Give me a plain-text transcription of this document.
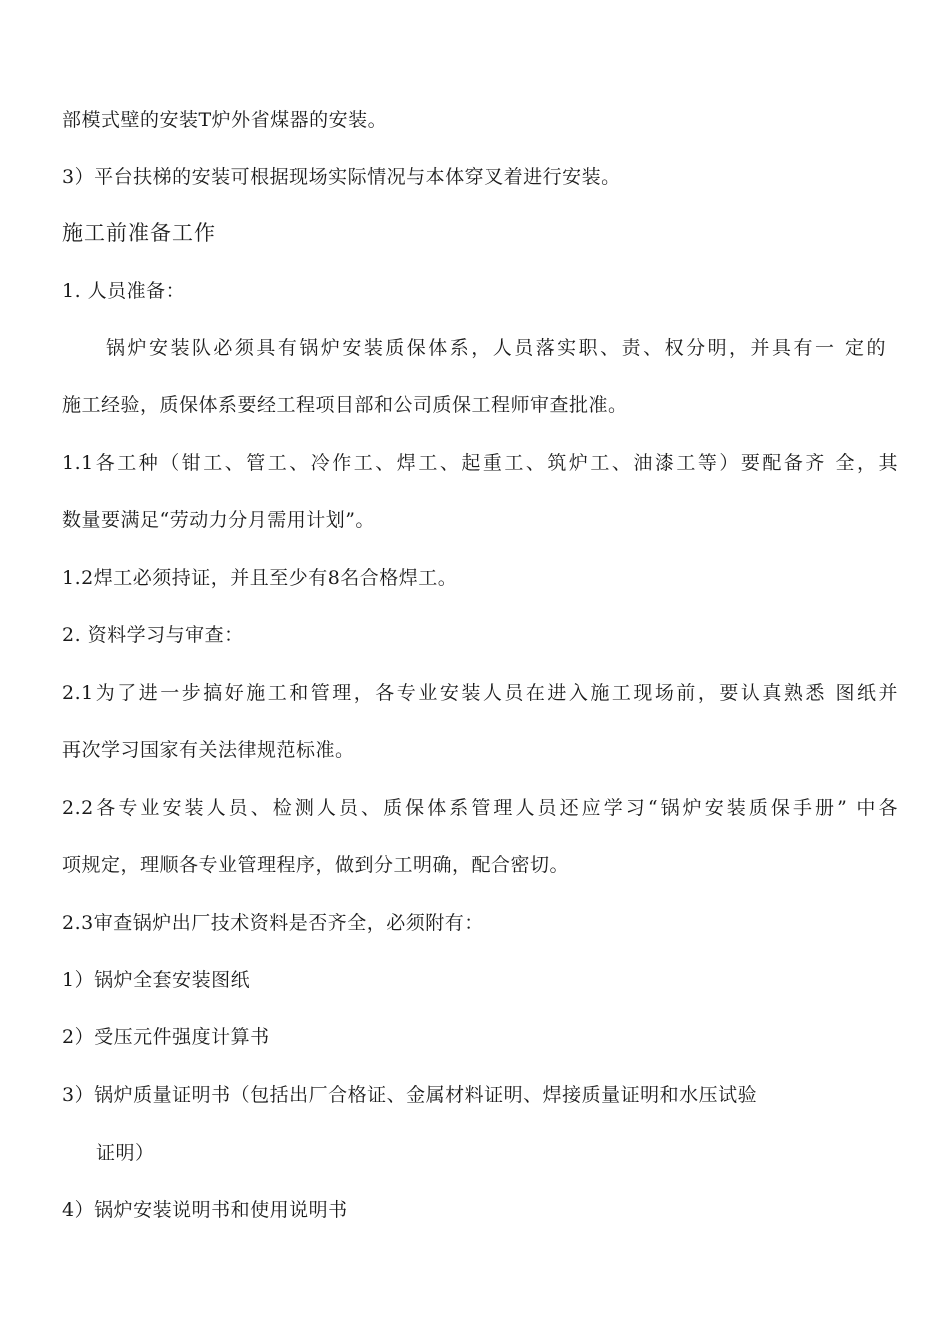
部模式壁的安装T炉外省煤器的安装。
3）平台扶梯的安装可根据现场实际情况与本体穿叉着进行安装。
施工前准备工作
1. 人员准备：
锅炉安装队必须具有锅炉安装质保体系，人员落实职、责、权分明，并具有一 定的
施工经验，质保体系要经工程项目部和公司质保工程师审查批准。
1.1各工种（钳工、管工、冷作工、焊工、起重工、筑炉工、油漆工等）要配备齐 全，其
数量要满足“劳动力分月需用计划”。
1.2焊工必须持证，并且至少有8名合格焊工。
2. 资料学习与审查：
2.1为了进一步搞好施工和管理，各专业安装人员在进入施工现场前，要认真熟悉 图纸并
再次学习国家有关法律规范标准。
2.2各专业安装人员、检测人员、质保体系管理人员还应学习“锅炉安装质保手册” 中各
项规定，理顺各专业管理程序，做到分工明确，配合密切。
2.3审查锅炉出厂技术资料是否齐全，必须附有：
1）锅炉全套安装图纸
2）受压元件强度计算书
3）锅炉质量证明书（包括出厂合格证、金属材料证明、焊接质量证明和水压试验
证明）
4）锅炉安装说明书和使用说明书
